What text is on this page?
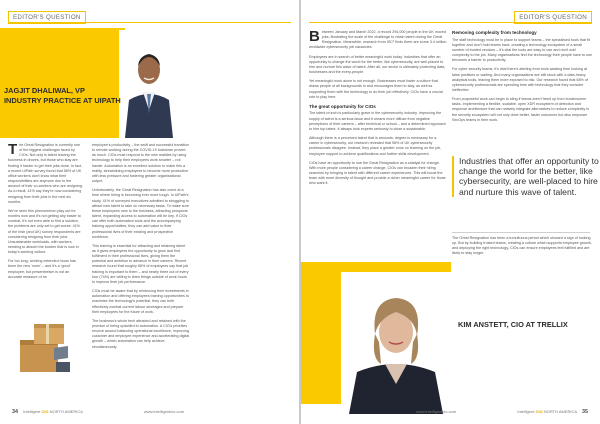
EDITOR'S QUESTION
JAGJIT DHALIWAL, VP INDUSTRY PRACTICE AT UIPATH

The Great Resignation is currently one of the biggest challenges faced by CIOs. Not only is talent leaving the business in droves, but those who stay are finding it harder to get their jobs done. In fact, a recent UiPath survey found that 58% of UK office workers don't know what their responsibilities are anymore due to the amount of their co-workers who are resigning. As a result, 41% say they're now considering resigning from their jobs in the next six months.

We've seen this phenomenon play out for months now and it's not getting any easier to combat. It's not even able to find a solution, the problems are only set to get worse: 41% of the Irish (and UK) survey respondents are considering resigning from their jobs. Unsustainable workloads, with workers needing to absorb the burden that is now in today's working culture.

For too long, working extended hours has been the new 'norm' – and it's a 'good' employee, but presenteeism is not an accurate measure of an

employee's productivity – the swift and successful transition to remote working during the COVID-19 lockdown proved as much. CIOs must respond to the new realities by using technology to help their employees work smarter – not harder. Automation is an excellent solution to make this a reality, streamlining employees to become more productive with less pressure and fostering greater organisational output.

Unfortunately, the Great Resignation has also come at a time where hiring is becoming ever more tough. In UiPath's study, 41% of surveyed executives admitted to struggling to attract new talent to take on necessary tasks. To make sure these employees new to the business, attracting prospects talent, expanding access to automation will be key. If CIOs can offer both automation tools and the accompanying training opportunities, they can add value to their professional lives of their existing and prospective workforce.

This training is essential for attracting and retaining talent as it gives employees the opportunity to grow and find fulfilment in their professional lives, giving them the potential and ambition to advance in their careers. Recent research found that roughly 86% of employees say that job training is important to them – and nearly three out of every four (74%) are willing to learn things outside of work hours to improve their job performance.

CIOs must be aware that by reinforcing their investments in automation and offering employees training opportunities to maximise the technology's potential, they can both effectively combat current labour shortages and prepare their employees for the future of work.

The business's whole tech attracted and retained with the promise of being upskilled to automation. A CIO's priorities revolve around balancing operational excellence, improving customer and employee experience and accelerating digital growth – which automation can help achieve simultaneously.

34 Intelligent CIO NORTH AMERICA	www.intelligentcio.com
EDITOR'S QUESTION

Between January and March 2022, a record 294,000 people in the UK moved jobs, illustrating the scale of the challenge to retain talent during the Great Resignation. Meanwhile, research from ISC² finds there are some 3.4 million worldwide cybersecurity job vacancies.

Employees are in search of better meaningful work today. Industries that offer an opportunity to change the world for the better, like cybersecurity, are well-placed to hire and nurture this wave of talent. After all, our sector is ultimately protecting data, businesses and the every-people.

Yet meaningful work alone is not enough. Businesses must foster a culture that draws people of all backgrounds in and encourages them to stay, as well as supporting them with the technology to do their job effectively. CIOs have a crucial role to play here.

The great opportunity for CIOs

The talent crunch is particularly grave in the cybersecurity industry. Improving the supply of talent is a serious issue and it means more diffuse from negative perceptions of their careers – after technical or school – and a determined approach to hire top talent. It always took experts seriously to close a sustainable.

Although there is a perceived talent that is amounts: degree is necessary for a career in cybersecurity, our research revealed that 98% of UK cybersecurity professionals disagree. Instead, they place a greater onus on learning on the job, employee support to achieve qualifications and further skills development.

CIOs have an opportunity to use the Great Resignation as a catalyst for change. With more people considering a career change, CIOs can broaden their hiring searches by bringing in talent with different career experiences. This will boost the team with more diversity of thought and provide a richer meaningful career for those who want it.

Removing complexity from technology

The staff technology must be in place to support teams – the specialised tools that fit together and don't hold teams back, creating a technology ecosystem of a small number of trusted vendors – it's vital the tools are easy to use and don't add complexity to the job. Many organisations find the technology their people have to use becomes a barrier to productivity.

For cyber security teams, it's vital there's alerting from tools wasting time looking at false positives or waiting. And many organisations are still stuck with a data-heavy analytical tools, leaving them more exposed to risk. Our research found that 58% of cybersecurity professionals are spending time with technology that they consider ineffective.

From purposeful work can begin to sting if teams aren't freed up from burdensome tasks. Implementing a flexible, scalable, open XDR ecosystem of detection and response architecture that can natively integrate alternatives to reduce complexity in the security ecosystem will not only drive better, faster outcomes but also empower SecOps teams in their work.

Industries that offer an opportunity to change the world for the better, like cybersecurity, are well-placed to hire and nurture this wave of talent.

The Great Resignation has been a tumultuous period which showed a sign of looking up. But by building trusted teams, creating a culture which supports employee growth, and deploying the right technology, CIOs can ensure employees feel fulfilled and are likely to stay longer.

KIM ANSTETT, CIO AT TRELLIX
www.intelligentcio.com	Intelligent CIO NORTH AMERICA 35
